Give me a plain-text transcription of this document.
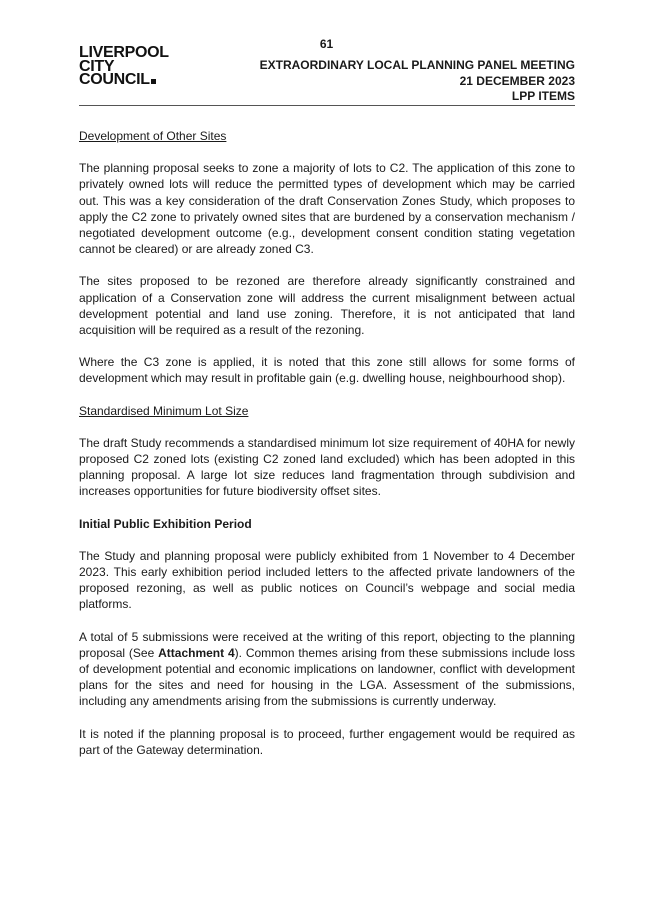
LIVERPOOL
CITY
COUNCIL
61
EXTRAORDINARY LOCAL PLANNING PANEL MEETING
21 DECEMBER 2023
LPP ITEMS

Development of Other Sites

The planning proposal seeks to zone a majority of lots to C2. The application of this zone to privately owned lots will reduce the permitted types of development which may be carried out. This was a key consideration of the draft Conservation Zones Study, which proposes to apply the C2 zone to privately owned sites that are burdened by a conservation mechanism / negotiated development outcome (e.g., development consent condition stating vegetation cannot be cleared) or are already zoned C3.

The sites proposed to be rezoned are therefore already significantly constrained and application of a Conservation zone will address the current misalignment between actual development potential and land use zoning. Therefore, it is not anticipated that land acquisition will be required as a result of the rezoning.

Where the C3 zone is applied, it is noted that this zone still allows for some forms of development which may result in profitable gain (e.g. dwelling house, neighbourhood shop).

Standardised Minimum Lot Size

The draft Study recommends a standardised minimum lot size requirement of 40HA for newly proposed C2 zoned lots (existing C2 zoned land excluded) which has been adopted in this planning proposal. A large lot size reduces land fragmentation through subdivision and increases opportunities for future biodiversity offset sites.

Initial Public Exhibition Period

The Study and planning proposal were publicly exhibited from 1 November to 4 December 2023. This early exhibition period included letters to the affected private landowners of the proposed rezoning, as well as public notices on Council’s webpage and social media platforms.

A total of 5 submissions were received at the writing of this report, objecting to the planning proposal (See Attachment 4). Common themes arising from these submissions include loss of development potential and economic implications on landowner, conflict with development plans for the sites and need for housing in the LGA. Assessment of the submissions, including any amendments arising from the submissions is currently underway.

It is noted if the planning proposal is to proceed, further engagement would be required as part of the Gateway determination.
